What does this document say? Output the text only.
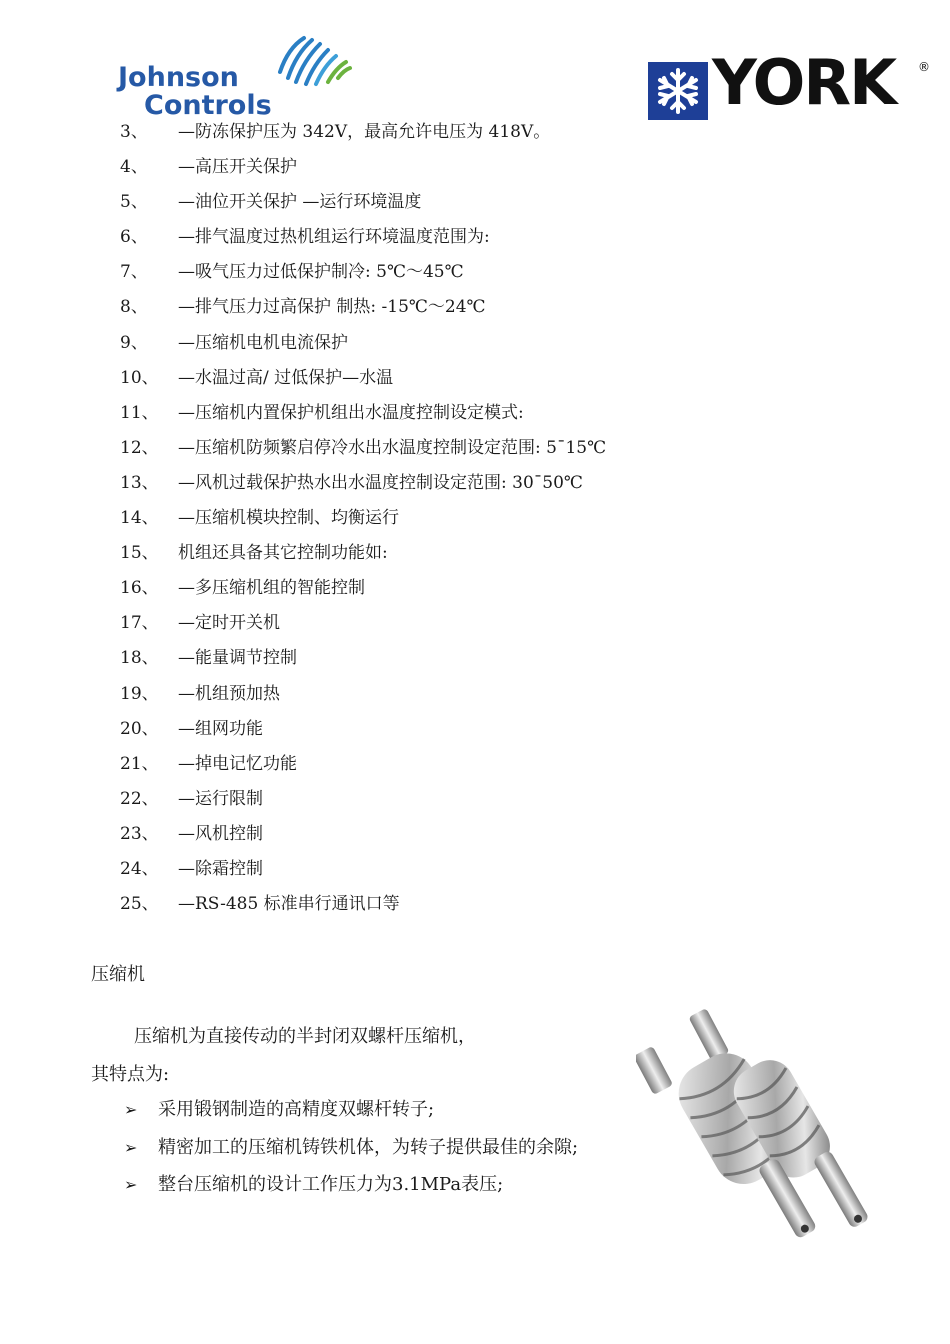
Johnson
Controls	YORK ®
3、 —防冻保护压为 342V，最高允许电压为 418V。
4、 —高压开关保护
5、 —油位开关保护 —运行环境温度
6、 —排气温度过热机组运行环境温度范围为:
7、 —吸气压力过低保护制冷: 5℃～45℃
8、 —排气压力过高保护 制热: -15℃～24℃
9、 —压缩机电机电流保护
10、 —水温过高/ 过低保护—水温
11、 —压缩机内置保护机组出水温度控制设定模式:
12、 —压缩机防频繁启停冷水出水温度控制设定范围: 5¯15℃
13、 —风机过载保护热水出水温度控制设定范围: 30¯50℃
14、 —压缩机模块控制、均衡运行
15、 机组还具备其它控制功能如:
16、 —多压缩机组的智能控制
17、 —定时开关机
18、 —能量调节控制
19、 —机组预加热
20、 —组网功能
21、 —掉电记忆功能
22、 —运行限制
23、 —风机控制
24、 —除霜控制
25、 —RS-485 标准串行通讯口等
压缩机
压缩机为直接传动的半封闭双螺杆压缩机，
其特点为:
➢ 采用锻钢制造的高精度双螺杆转子;
➢ 精密加工的压缩机铸铁机体，为转子提供最佳的余隙;
➢ 整台压缩机的设计工作压力为3.1MPa表压;
